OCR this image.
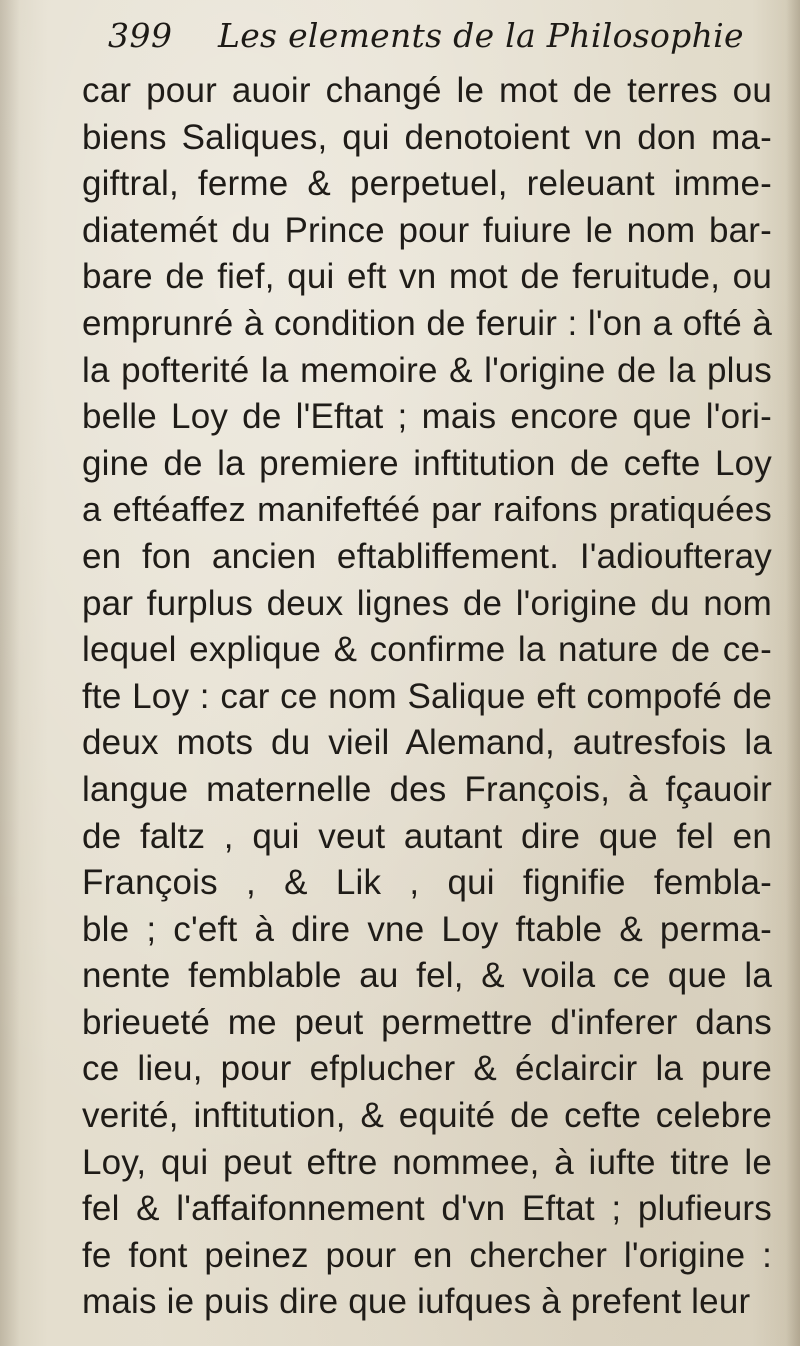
399 Les elements de la Philosophie
car pour auoir changé le mot de terres ou
biens Saliques, qui denotoient vn don ma-
giftral, ferme & perpetuel, releuant imme-
diatemét du Prince pour fuiure le nom bar-
bare de fief, qui eft vn mot de feruitude, ou
emprunré à condition de feruir : l'on a ofté à
la pofterité la memoire & l'origine de la plus
belle Loy de l'Eftat ; mais encore que l'ori-
gine de la premiere inftitution de cefte Loy
a eftéaffez manifeftéé par raifons pratiquées
en fon ancien eftabliffement. I'adioufteray
par furplus deux lignes de l'origine du nom
lequel explique & confirme la nature de ce-
fte Loy : car ce nom Salique eft compofé de
deux mots du vieil Alemand, autresfois la
langue maternelle des François, à fçauoir
de faltz , qui veut autant dire que fel en
François , & Lik , qui fignifie fembla-
ble ; c'eft à dire vne Loy ftable & perma-
nente femblable au fel, & voila ce que la
brieueté me peut permettre d'inferer dans
ce lieu, pour efplucher & éclaircir la pure
verité, inftitution, & equité de cefte celebre
Loy, qui peut eftre nommee, à iufte titre le
fel & l'affaifonnement d'vn Eftat ; plufieurs
fe font peinez pour en chercher l'origine :
mais ie puis dire que iufques à prefent leur
